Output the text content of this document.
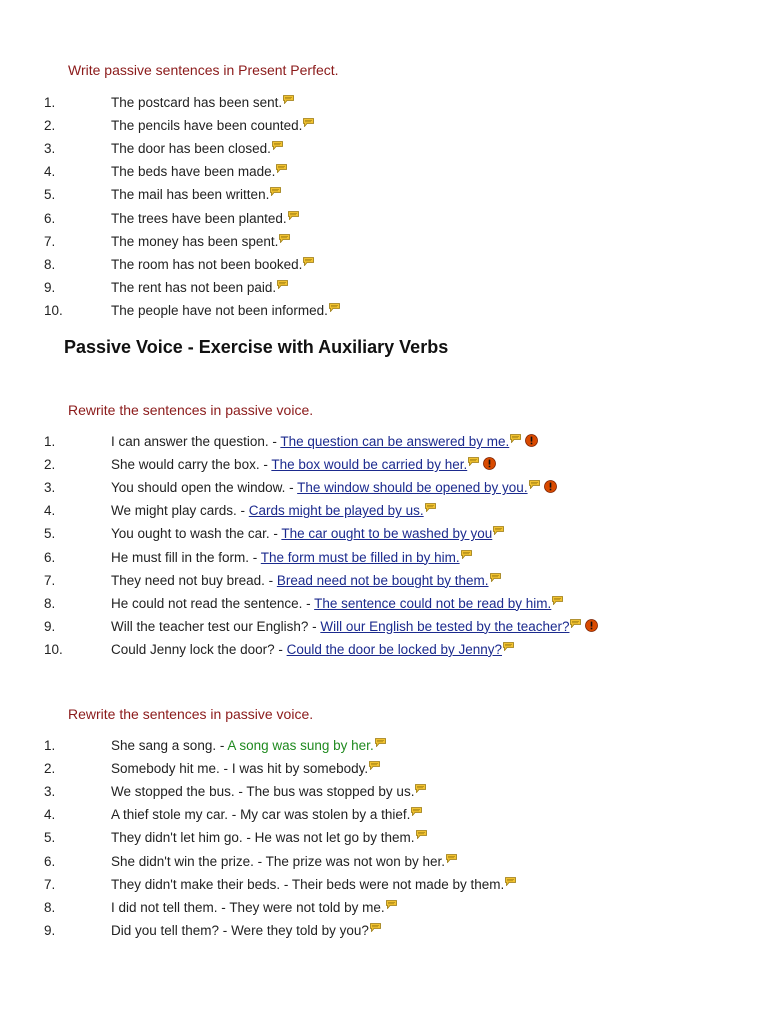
Write passive sentences in Present Perfect.
1.	The postcard has been sent.
2.	The pencils have been counted.
3.	The door has been closed.
4.	The beds have been made.
5.	The mail has been written.
6.	The trees have been planted.
7.	The money has been spent.
8.	The room has not been booked.
9.	The rent has not been paid.
10.	The people have not been informed.
Passive Voice - Exercise with Auxiliary Verbs
Rewrite the sentences in passive voice.
1.	I can answer the question. - The question can be answered by me.
2.	She would carry the box. - The box would be carried by her.
3.	You should open the window. - The window should be opened by you.
4.	We might play cards. - Cards might be played by us.
5.	You ought to wash the car. - The car ought to be washed by you
6.	He must fill in the form. - The form must be filled in by him.
7.	They need not buy bread. - Bread need not be bought by them.
8.	He could not read the sentence. - The sentence could not be read by him.
9.	Will the teacher test our English? - Will our English be tested by the teacher?
10.	Could Jenny lock the door? - Could the door be locked by Jenny?
Rewrite the sentences in passive voice.
1.	She sang a song. - A song was sung by her.
2.	Somebody hit me. - I was hit by somebody.
3.	We stopped the bus. - The bus was stopped by us.
4.	A thief stole my car. - My car was stolen by a thief.
5.	They didn't let him go. - He was not let go by them.
6.	She didn't win the prize. - The prize was not won by her.
7.	They didn't make their beds. - Their beds were not made by them.
8.	I did not tell them. - They were not told by me.
9.	Did you tell them? - Were they told by you?
